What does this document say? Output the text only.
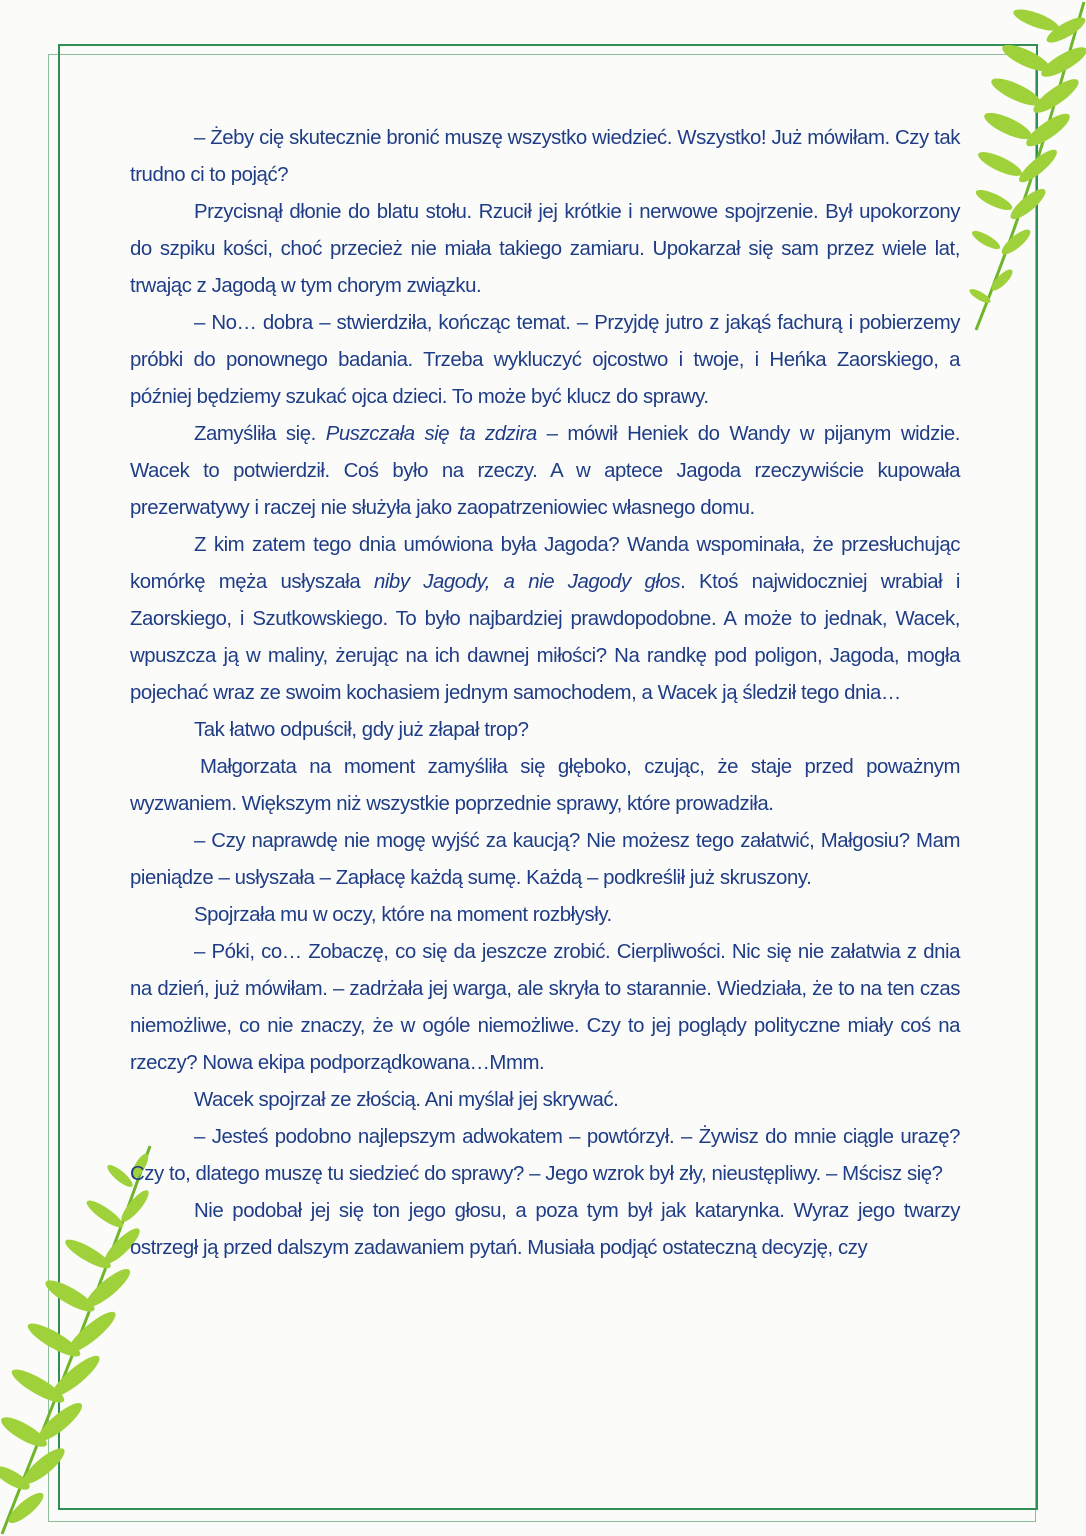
– Żeby cię skutecznie bronić muszę wszystko wiedzieć. Wszystko! Już mówiłam. Czy tak trudno ci to pojąć?

Przycisnął dłonie do blatu stołu. Rzucił jej krótkie i nerwowe spojrzenie. Był upokorzony do szpiku kości, choć przecież nie miała takiego zamiaru. Upokarzał się sam przez wiele lat, trwając z Jagodą w tym chorym związku.

– No… dobra – stwierdziła, kończąc temat. – Przyjdę jutro z jakąś fachurą i pobierzemy próbki do ponownego badania. Trzeba wykluczyć ojcostwo i twoje, i Heńka Zaorskiego, a później będziemy szukać ojca dzieci. To może być klucz do sprawy.

Zamyśliła się. Puszczała się ta zdzira – mówił Heniek do Wandy w pijanym widzie. Wacek to potwierdził. Coś było na rzeczy. A w aptece Jagoda rzeczywiście kupowała prezerwatywy i raczej nie służyła jako zaopatrzeniowiec własnego domu.

Z kim zatem tego dnia umówiona była Jagoda? Wanda wspominała, że przesłuchując komórkę męża usłyszała niby Jagody, a nie Jagody głos. Ktoś najwidoczniej wrabiał i Zaorskiego, i Szutkowskiego. To było najbardziej prawdopodobne. A może to jednak, Wacek, wpuszcza ją w maliny, żerując na ich dawnej miłości? Na randkę pod poligon, Jagoda, mogła pojechać wraz ze swoim kochasiem jednym samochodem, a Wacek ją śledził tego dnia…

Tak łatwo odpuścił, gdy już złapał trop?

Małgorzata na moment zamyśliła się głęboko, czując, że staje przed poważnym wyzwaniem. Większym niż wszystkie poprzednie sprawy, które prowadziła.

– Czy naprawdę nie mogę wyjść za kaucją? Nie możesz tego załatwić, Małgosiu? Mam pieniądze – usłyszała – Zapłacę każdą sumę. Każdą – podkreślił już skruszony.

Spojrzała mu w oczy, które na moment rozbłysły.

– Póki, co… Zobaczę, co się da jeszcze zrobić. Cierpliwości. Nic się nie załatwia z dnia na dzień, już mówiłam. – zadrżała jej warga, ale skryła to starannie. Wiedziała, że to na ten czas niemożliwe, co nie znaczy, że w ogóle niemożliwe. Czy to jej poglądy polityczne miały coś na rzeczy? Nowa ekipa podporządkowana…Mmm.

Wacek spojrzał ze złością. Ani myślał jej skrywać.

– Jesteś podobno najlepszym adwokatem – powtórzył. – Żywisz do mnie ciągle urazę? Czy to, dlatego muszę tu siedzieć do sprawy? – Jego wzrok był zły, nieustępliwy. – Mścisz się?

Nie podobał jej się ton jego głosu, a poza tym był jak katarynka. Wyraz jego twarzy ostrzegł ją przed dalszym zadawaniem pytań. Musiała podjąć ostateczną decyzję, czy
